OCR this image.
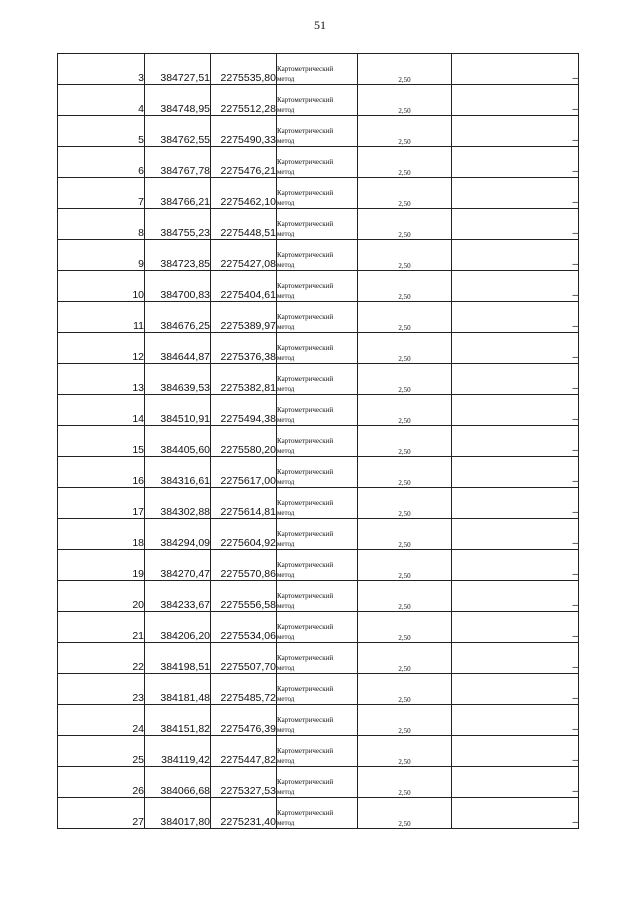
51
3	384727,51	2275535,80	Картометрический метод	2,50	–
4	384748,95	2275512,28	Картометрический метод	2,50	–
5	384762,55	2275490,33	Картометрический метод	2,50	–
6	384767,78	2275476,21	Картометрический метод	2,50	–
7	384766,21	2275462,10	Картометрический метод	2,50	–
8	384755,23	2275448,51	Картометрический метод	2,50	–
9	384723,85	2275427,08	Картометрический метод	2,50	–
10	384700,83	2275404,61	Картометрический метод	2,50	–
11	384676,25	2275389,97	Картометрический метод	2,50	–
12	384644,87	2275376,38	Картометрический метод	2,50	–
13	384639,53	2275382,81	Картометрический метод	2,50	–
14	384510,91	2275494,38	Картометрический метод	2,50	–
15	384405,60	2275580,20	Картометрический метод	2,50	–
16	384316,61	2275617,00	Картометрический метод	2,50	–
17	384302,88	2275614,81	Картометрический метод	2,50	–
18	384294,09	2275604,92	Картометрический метод	2,50	–
19	384270,47	2275570,86	Картометрический метод	2,50	–
20	384233,67	2275556,58	Картометрический метод	2,50	–
21	384206,20	2275534,06	Картометрический метод	2,50	–
22	384198,51	2275507,70	Картометрический метод	2,50	–
23	384181,48	2275485,72	Картометрический метод	2,50	–
24	384151,82	2275476,39	Картометрический метод	2,50	–
25	384119,42	2275447,82	Картометрический метод	2,50	–
26	384066,68	2275327,53	Картометрический метод	2,50	–
27	384017,80	2275231,40	Картометрический метод	2,50	–
